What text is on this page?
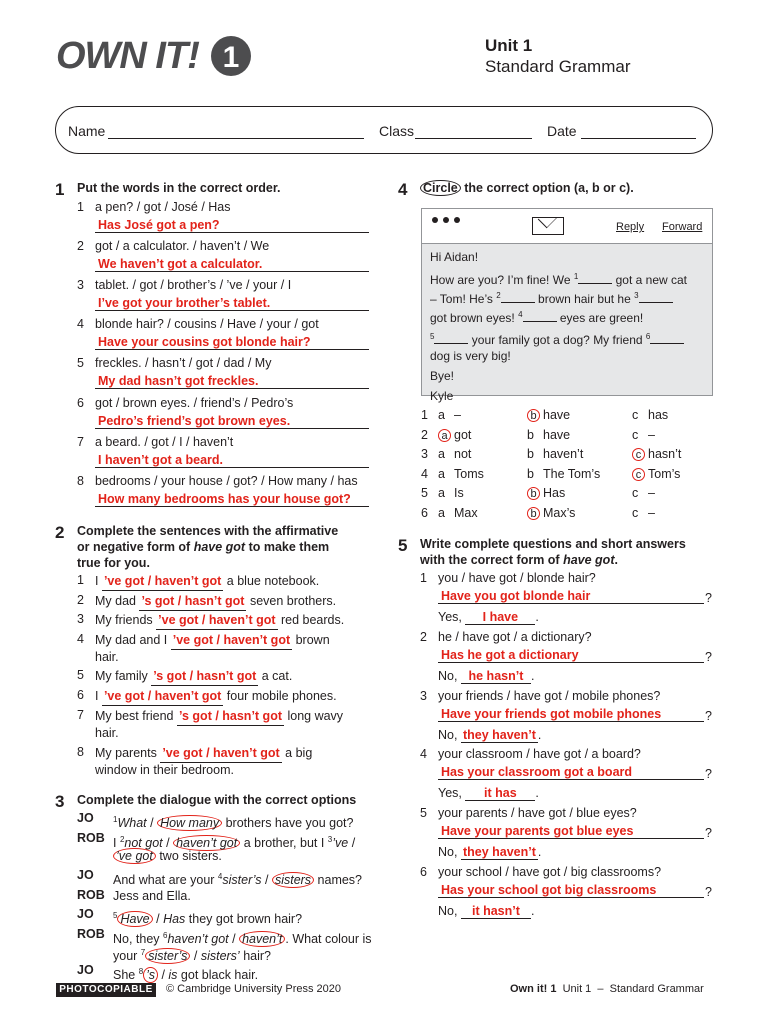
OWN IT! 1	Unit 1
Standard Grammar
Name	Class	Date
1 Put the words in the correct order.
1 a pen? / got / José / Has
Has José got a pen?
2 got / a calculator. / haven’t / We
We haven’t got a calculator.
3 tablet. / got / brother’s / ’ve / your / I
I’ve got your brother’s tablet.
4 blonde hair? / cousins / Have / your / got
Have your cousins got blonde hair?
5 freckles. / hasn’t / got / dad / My
My dad hasn’t got freckles.
6 got / brown eyes. / friend’s / Pedro’s
Pedro’s friend’s got brown eyes.
7 a beard. / got / I / haven’t
I haven’t got a beard.
8 bedrooms / your house / got? / How many / has
How many bedrooms has your house got?
2 Complete the sentences with the affirmative
or negative form of have got to make them
true for you.
1 I ’ve got / haven’t got a blue notebook.
2 My dad ’s got / hasn’t got seven brothers.
3 My friends ’ve got / haven’t got red beards.
4 My dad and I ’ve got / haven’t got brown
hair.
5 My family ’s got / hasn’t got a cat.
6 I ’ve got / haven’t got four mobile phones.
7 My best friend ’s got / hasn’t got long wavy
hair.
8 My parents ’ve got / haven’t got a big
window in their bedroom.
3 Complete the dialogue with the correct options
JO $^1$What / How many brothers have you got?
ROB I $^2$not got / haven’t got a brother, but I $^3$’ve /
’ve got two sisters.
JO And what are your $^4$sister’s / sisters names?
ROB Jess and Ella.
JO $^5$ Have / Has they got brown hair?
ROB No, they $^6$haven’t got / haven’t . What colour is
your $^7$ sister’s / sisters’ hair?
JO She $^8$ ’s / is got black hair.
4 Circle the correct option (a, b or c).
Reply Forward
Hi Aidan!
How are you? I’m fine! We $^1$	got a new cat
– Tom! He’s $^2$	brown hair but he $^3$
got brown eyes! $^4$	eyes are green!
$^5$	your family got a dog? My friend $^6$
dog is very big!
Bye!
Kyle
1 a –	b have	c has
2	a got	b have	c –
3 a not	b haven’t	c hasn’t
4 a Toms	b The Tom’s	c Tom’s
5 a Is	b Has	c –
6 a Max	b Max’s	c –
5 Write complete questions and short answers
with the correct form of have got.
1 you / have got / blonde hair?
Have you got blonde hair	?
Yes, I have .
2 he / have got / a dictionary?
Has he got a dictionary	?
No, he hasn’t .
3 your friends / have got / mobile phones?
Have your friends got mobile phones	?
No, they haven’t .
4 your classroom / have got / a board?
Has your classroom got a board	?
Yes, it has .
5 your parents / have got / blue eyes?
Have your parents got blue eyes	?
No, they haven’t .
6 your school / have got / big classrooms?
Has your school got big classrooms	?
No, it hasn’t .
PHOTOCOPIABLE © Cambridge University Press 2020	Own it! 1  Unit 1  –  Standard Grammar
